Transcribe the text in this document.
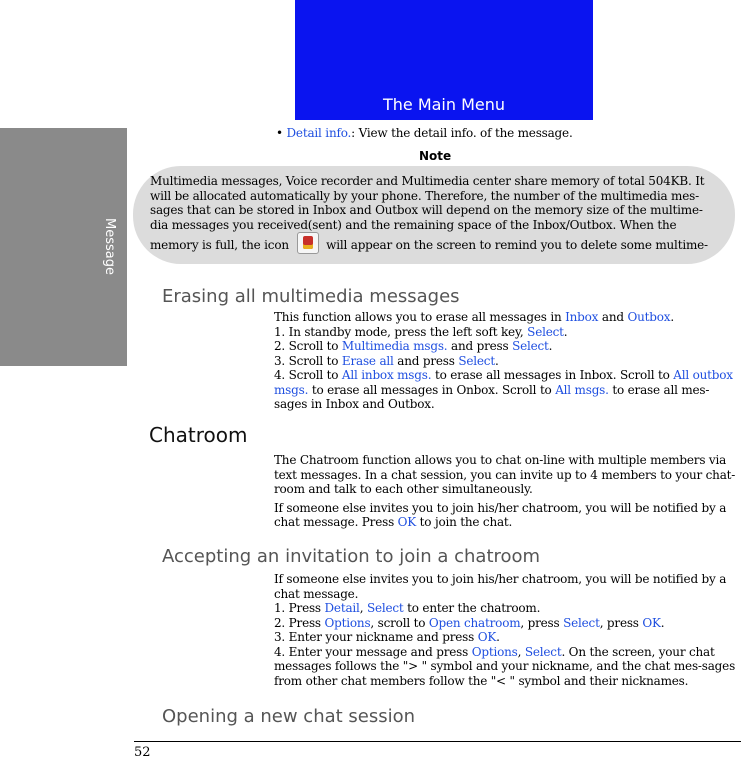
The Main Menu
Message
• Detail info.: View the detail info. of the message.
Note
Multimedia messages, Voice recorder and Multimedia center share memory of total 504KB. It will be allocated automatically by your phone. Therefore, the number of the multimedia mes-sages that can be stored in Inbox and Outbox will depend on the memory size of the multime-dia messages you received(sent) and the remaining space of the Inbox/Outbox. When the memory is full, the icon	will appear on the screen to remind you to delete some multime-
Erasing all multimedia messages

This function allows you to erase all messages in Inbox and Outbox.

1. In standby mode, press the left soft key, Select.

2. Scroll to Multimedia msgs. and press Select.

3. Scroll to Erase all and press Select.

4. Scroll to All inbox msgs. to erase all messages in Inbox. Scroll to All outbox msgs. to erase all messages in Onbox. Scroll to All msgs. to erase all mes-sages in Inbox and Outbox.

Chatroom

The Chatroom function allows you to chat on-line with multiple members via text messages. In a chat session, you can invite up to 4 members to your chat-room and talk to each other simultaneously.

If someone else invites you to join his/her chatroom, you will be notified by a chat message. Press OK to join the chat.

Accepting an invitation to join a chatroom

If someone else invites you to join his/her chatroom, you will be notified by a chat message.

1. Press Detail, Select to enter the chatroom.

2. Press Options, scroll to Open chatroom, press Select, press OK.

3. Enter your nickname and press OK.

4. Enter your message and press Options, Select. On the screen, your chat messages follows the "> " symbol and your nickname, and the chat mes-sages from other chat members follow the "< " symbol and their nicknames.

Opening a new chat session
52
